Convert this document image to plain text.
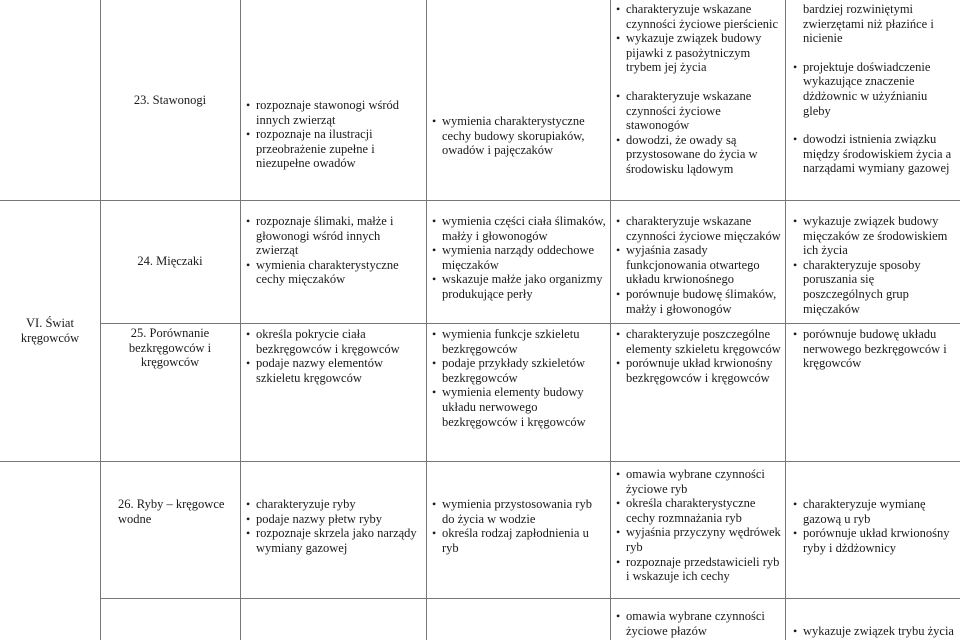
23. Stawonogi	• rozpoznaje stawonogi wśród innych zwierząt
• rozpoznaje na ilustracji przeobrażenie zupełne i niezupełne owadów
• wymienia charakterystyczne cechy budowy skorupiaków, owadów i pajęczaków
• charakteryzuje wskazane czynności życiowe pierścienic
• wykazuje związek budowy pijawki z pasożytniczym trybem jej życia
• charakteryzuje wskazane czynności życiowe stawonogów
• dowodzi, że owady są przystosowane do życia w środowisku lądowym

bardziej rozwiniętymi zwierzętami niż płazińce i nicienie

• projektuje doświadczenie wykazujące znaczenie dżdżownic w użyźnianiu gleby
• dowodzi istnienia związku między środowiskiem życia a narządami wymiany gazowej
VI. Świat kręgowców
24. Mięczaki
• rozpoznaje ślimaki, małże i głowonogi wśród innych zwierząt
• wymienia charakterystyczne cechy mięczaków
• wymienia części ciała ślimaków, małży i głowonogów
• wymienia narządy oddechowe mięczaków
• wskazuje małże jako organizmy produkujące perły
• charakteryzuje wskazane czynności życiowe mięczaków
• wyjaśnia zasady funkcjonowania otwartego układu krwionośnego
• porównuje budowę ślimaków, małży i głowonogów
• wykazuje związek budowy mięczaków ze środowiskiem ich życia
• charakteryzuje sposoby poruszania się poszczególnych grup mięczaków
25. Porównanie bezkręgowców i kręgowców
• określa pokrycie ciała bezkręgowców i kręgowców
• podaje nazwy elementów szkieletu kręgowców
• wymienia funkcje szkieletu bezkręgowców
• podaje przykłady szkieletów bezkręgowców
• wymienia elementy budowy układu nerwowego bezkręgowców i kręgowców
• charakteryzuje poszczególne elementy szkieletu kręgowców
• porównuje układ krwionośny bezkręgowców i kręgowców
• porównuje budowę układu nerwowego bezkręgowców i kręgowców
26. Ryby – kręgowce wodne
• charakteryzuje ryby
• podaje nazwy płetw ryby
• rozpoznaje skrzela jako narządy wymiany gazowej
• wymienia przystosowania ryb do życia w wodzie
• określa rodzaj zapłodnienia u ryb
• omawia wybrane czynności życiowe ryb
• określa charakterystyczne cechy rozmnażania ryb
• wyjaśnia przyczyny wędrówek ryb
• rozpoznaje przedstawicieli ryb i wskazuje ich cechy
• charakteryzuje wymianę gazową u ryb
• porównuje układ krwionośny ryby i dżdżownicy
• omawia wybrane czynności życiowe płazów	• wykazuje związek trybu życia
